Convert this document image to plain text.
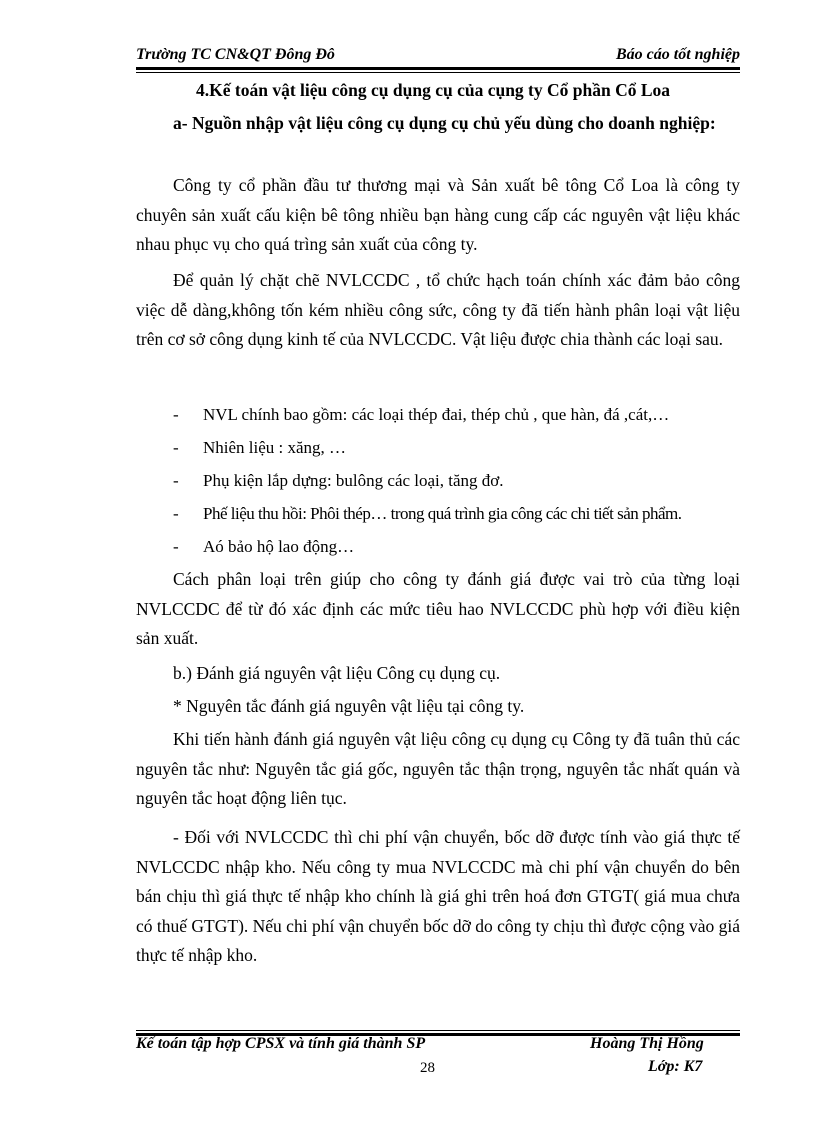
Trường TC CN&QT Đông Đô	Báo cáo tốt nghiệp
4.Kế toán vật liệu công cụ dụng cụ của cụng ty Cổ phần Cổ Loa

a- Nguồn nhập vật liệu công cụ dụng cụ chủ yếu dùng cho doanh nghiệp:

Công ty cổ phần đầu tư thương mại và Sản xuất bê tông Cổ Loa là công ty chuyên sản xuất cấu kiện bê tông nhiều bạn hàng cung cấp các nguyên vật liệu khác nhau phục vụ cho quá trìng sản xuất của công ty.

Để quản lý chặt chẽ NVLCCDC , tổ chức hạch toán chính xác đảm bảo công việc dễ dàng,không tốn kém nhiều công sức, công ty đã tiến hành phân loại vật liệu trên cơ sở công dụng kinh tế của NVLCCDC. Vật liệu được chia thành các loại sau.

- NVL chính bao gồm: các loại thép đai, thép chủ , que hàn, đá ,cát,…
- Nhiên liệu : xăng, …
- Phụ kiện lắp dựng: bulông các loại, tăng đơ.
- Phế liệu thu hồi: Phôi thép… trong quá trình gia công các chi tiết sản phẩm.
- Aó bảo hộ lao động…

Cách phân loại trên giúp cho công ty đánh giá được vai trò của từng loại NVLCCDC để từ đó xác định các mức tiêu hao NVLCCDC phù hợp với điều kiện sản xuất.

b.) Đánh giá nguyên vật liệu Công cụ dụng cụ.

* Nguyên tắc đánh giá nguyên vật liệu tại công ty.

Khi tiến hành đánh giá nguyên vật liệu công cụ dụng cụ Công ty đã tuân thủ các nguyên tắc như: Nguyên tắc giá gốc, nguyên tắc thận trọng, nguyên tắc nhất quán và nguyên tắc hoạt động liên tục.

- Đối với NVLCCDC thì chi phí vận chuyển, bốc dỡ được tính vào giá thực tế NVLCCDC nhập kho. Nếu công ty mua NVLCCDC mà chi phí vận chuyển do bên bán chịu thì giá thực tế nhập kho chính là giá ghi trên hoá đơn GTGT( giá mua chưa có thuế GTGT). Nếu chi phí vận chuyển bốc dỡ do công ty chịu thì được cộng vào giá thực tế nhập kho.

Kế toán tập hợp CPSX và tính giá thành SP	Hoàng Thị Hồng
Lớp: K7
28
